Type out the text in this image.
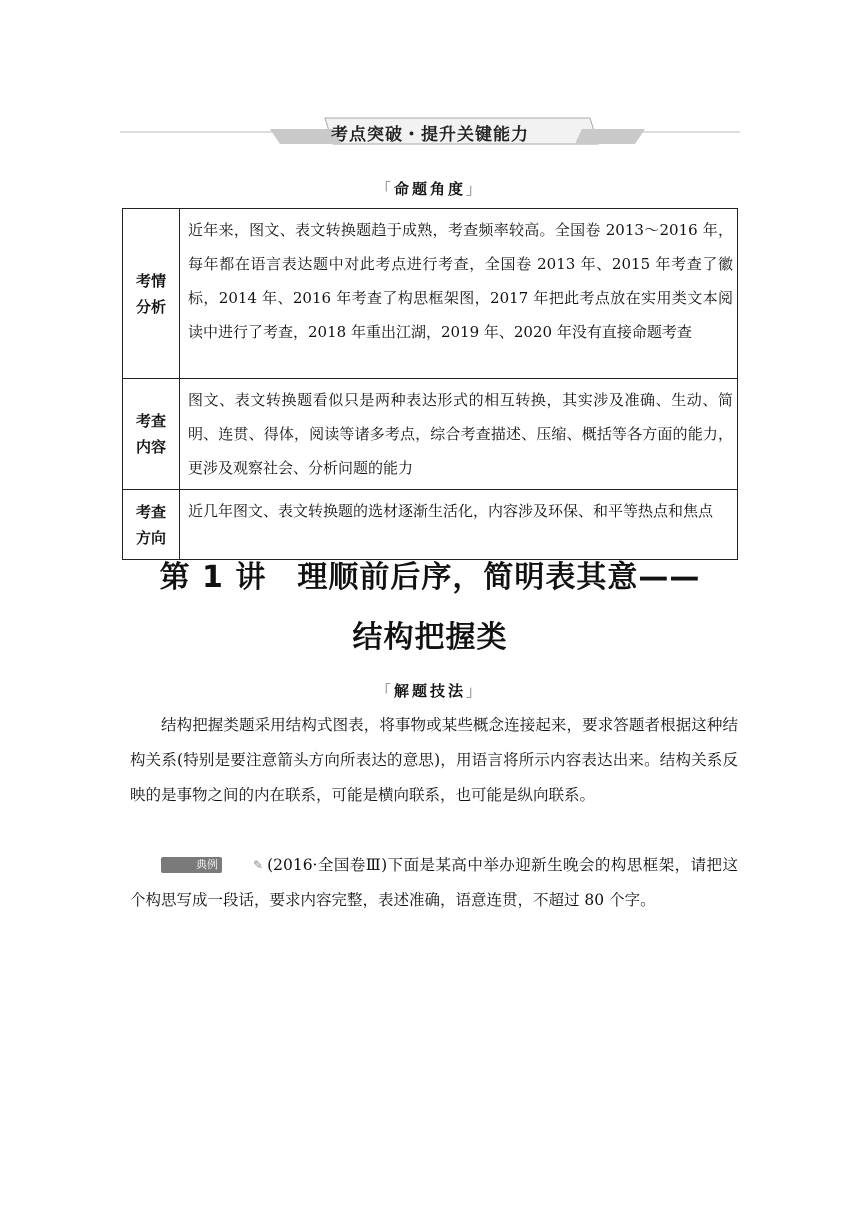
考点突破・提升关键能力
「命题角度」
考情
分析	近年来，图文、表文转换题趋于成熟，考查频率较高。全国卷 2013～2016 年，每年都在语言表达题中对此考点进行考查，全国卷 2013 年、2015 年考查了徽标，2014 年、2016 年考查了构思框架图，2017 年把此考点放在实用类文本阅读中进行了考查，2018 年重出江湖，2019 年、2020 年没有直接命题考查

考查
内容	图文、表文转换题看似只是两种表达形式的相互转换，其实涉及准确、生动、简明、连贯、得体，阅读等诸多考点，综合考查描述、压缩、概括等各方面的能力，更涉及观察社会、分析问题的能力

考查
方向	近几年图文、表文转换题的选材逐渐生活化，内容涉及环保、和平等热点和焦点
第 1 讲　理顺前后序，简明表其意——
结构把握类
「解题技法」

结构把握类题采用结构式图表，将事物或某些概念连接起来，要求答题者根据这种结构关系(特别是要注意箭头方向所表达的意思)，用语言将所示内容表达出来。结构关系反映的是事物之间的内在联系，可能是横向联系，也可能是纵向联系。

典例	✎ (2016·全国卷Ⅲ)下面是某高中举办迎新生晚会的构思框架，请把这个构思写成一段话，要求内容完整，表述准确，语意连贯，不超过 80 个字。
